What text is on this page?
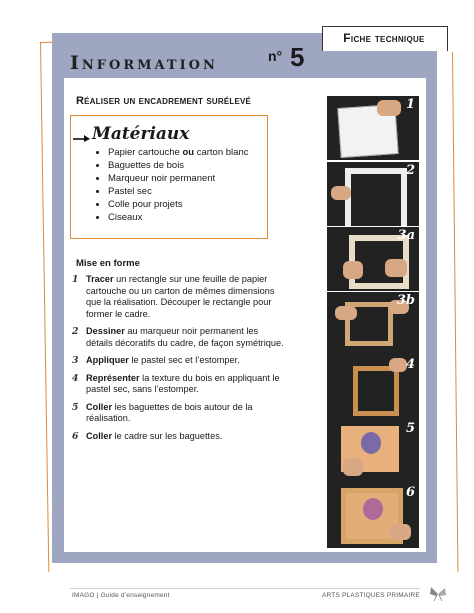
Fiche technique
Information	n° 5
Réaliser un encadrement surélevé
Matériaux
• Papier cartouche ou carton blanc
• Baguettes de bois
• Marqueur noir permanent
• Pastel sec
• Colle pour projets
• Ciseaux
Mise en forme
1 Tracer un rectangle sur une feuille de papier cartouche ou un carton de mêmes dimensions que la réalisation. Découper le rectangle pour former le cadre.
2 Dessiner au marqueur noir permanent les détails décoratifs du cadre, de façon symétrique.
3 Appliquer le pastel sec et l’estomper.
4 Représenter la texture du bois en appliquant le pastel sec, sans l’estomper.
5 Coller les baguettes de bois autour de la réalisation.
6 Coller le cadre sur les baguettes.
1
2
3a
3b
4
5
6
IMAGO | Guide d’enseignement	ARTS PLASTIQUES PRIMAIRE
